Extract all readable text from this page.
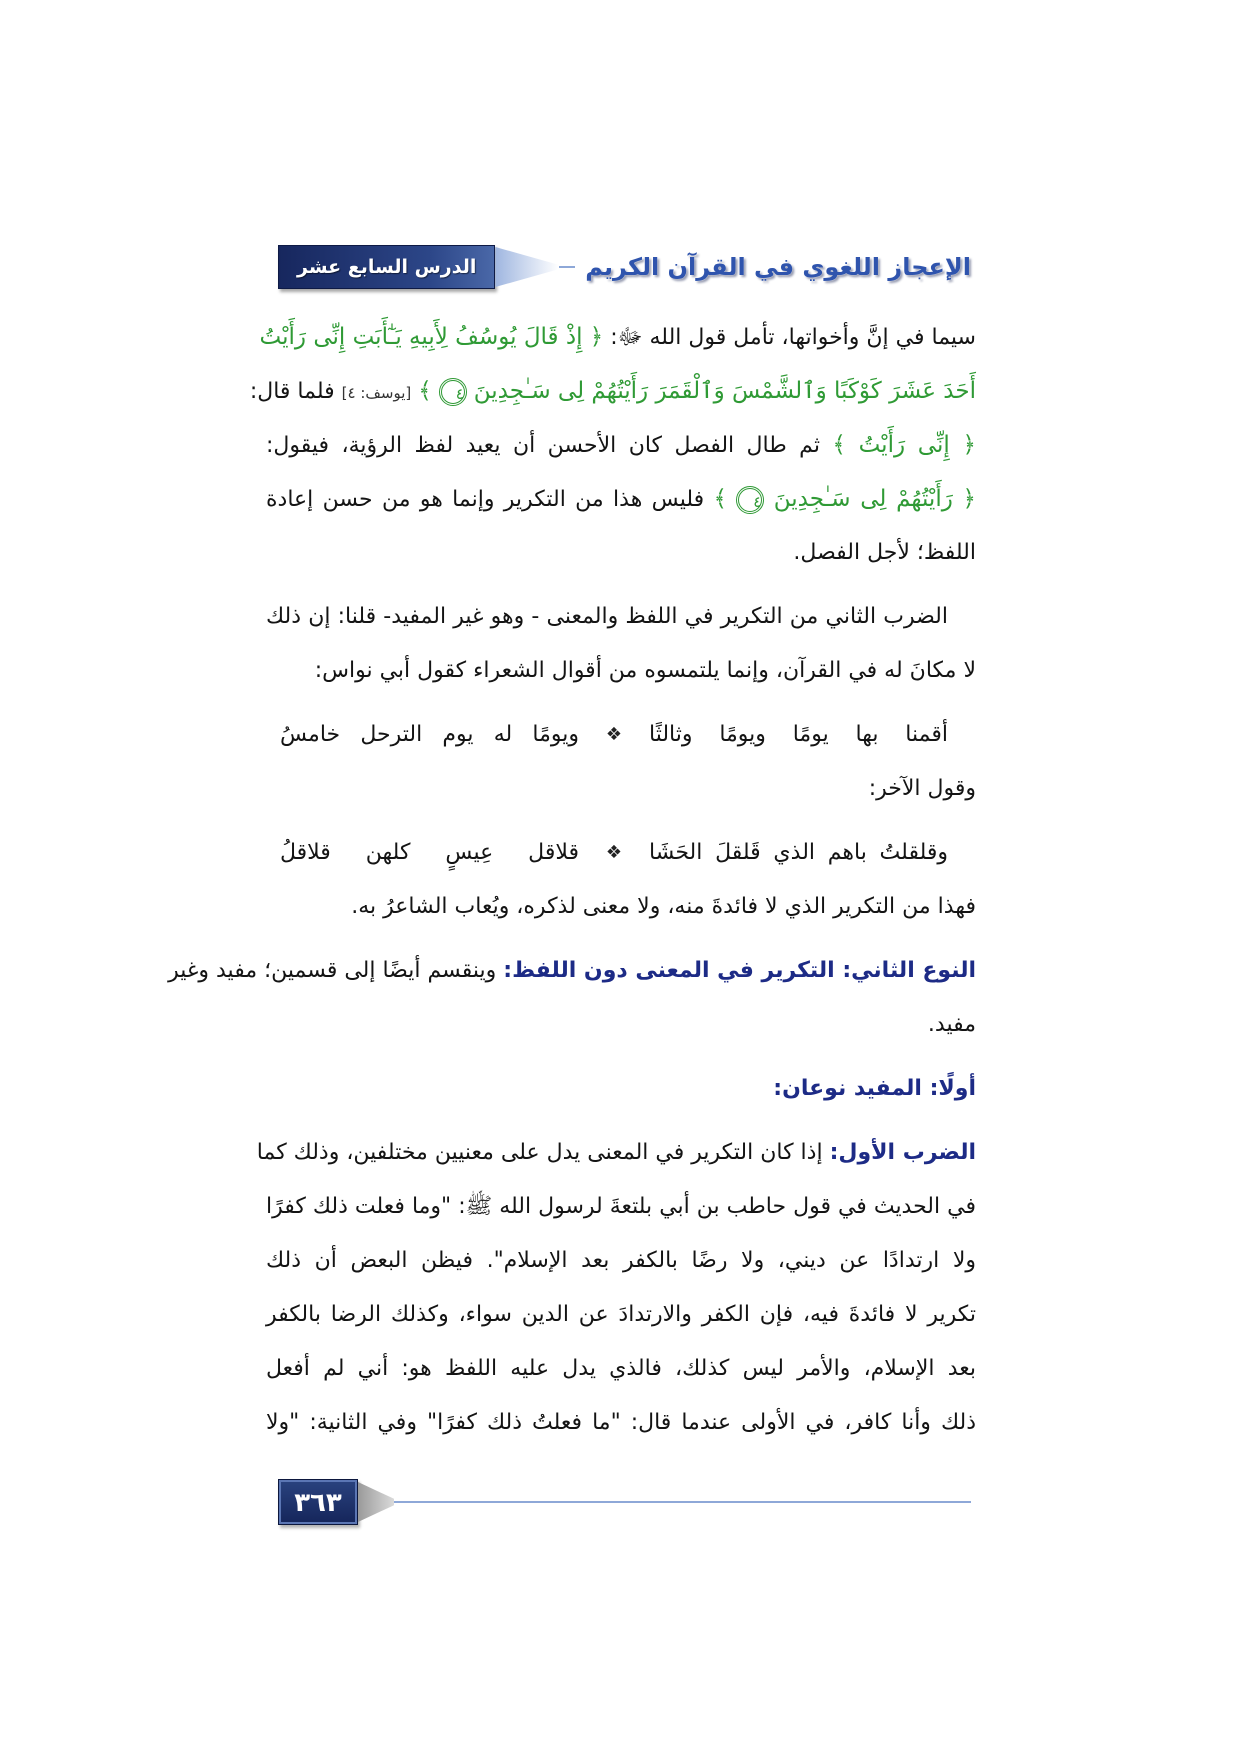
الدرس السابع عشر	الإعجاز اللغوي في القرآن الكريم
سيما في إنَّ وأخواتها، تأمل قول الله ﷻ: ﴿ إِذْ قَالَ يُوسُفُ لِأَبِيهِ يَـٰٓأَبَتِ إِنِّى رَأَيْتُ
أَحَدَ عَشَرَ كَوْكَبًا وَٱلشَّمْسَ وَٱلْقَمَرَ رَأَيْتُهُمْ لِى سَـٰجِدِينَ ٤ ﴾ [يوسف: ٤] فلما قال:
﴿ إِنِّى رَأَيْتُ ﴾ ثم طال الفصل كان الأحسن أن يعيد لفظ الرؤية، فيقول:
﴿ رَأَيْتُهُمْ لِى سَـٰجِدِينَ ٤ ﴾ فليس هذا من التكرير وإنما هو من حسن إعادة
اللفظ؛ لأجل الفصل.
الضرب الثاني من التكرير في اللفظ والمعنى - وهو غير المفيد- قلنا: إن ذلك
لا مكانَ له في القرآن، وإنما يلتمسوه من أقوال الشعراء كقول أبي نواس:
أقمنا بها يومًا ويومًا وثالثًا
❖
ويومًا له يوم الترحل خامسُ
وقول الآخر:
وقلقلتُ باهم الذي قَلقلَ الحَشَا
❖
قلاقل عِيسٍ كلهن قلاقلُ
فهذا من التكرير الذي لا فائدةَ منه، ولا معنى لذكره، ويُعاب الشاعرُ به.
النوع الثاني: التكرير في المعنى دون اللفظ: وينقسم أيضًا إلى قسمين؛ مفيد وغير
مفيد.
أولًا: المفيد نوعان:
الضرب الأول: إذا كان التكرير في المعنى يدل على معنيين مختلفين، وذلك كما
في الحديث في قول حاطب بن أبي بلتعةَ لرسول الله ﷺ: "وما فعلت ذلك كفرًا
ولا ارتدادًا عن ديني، ولا رضًا بالكفر بعد الإسلام". فيظن البعض أن ذلك
تكرير لا فائدةَ فيه، فإن الكفر والارتدادَ عن الدين سواء، وكذلك الرضا بالكفر
بعد الإسلام، والأمر ليس كذلك، فالذي يدل عليه اللفظ هو: أني لم أفعل
ذلك وأنا كافر، في الأولى عندما قال: "ما فعلتُ ذلك كفرًا" وفي الثانية: "ولا
٣٦٣
